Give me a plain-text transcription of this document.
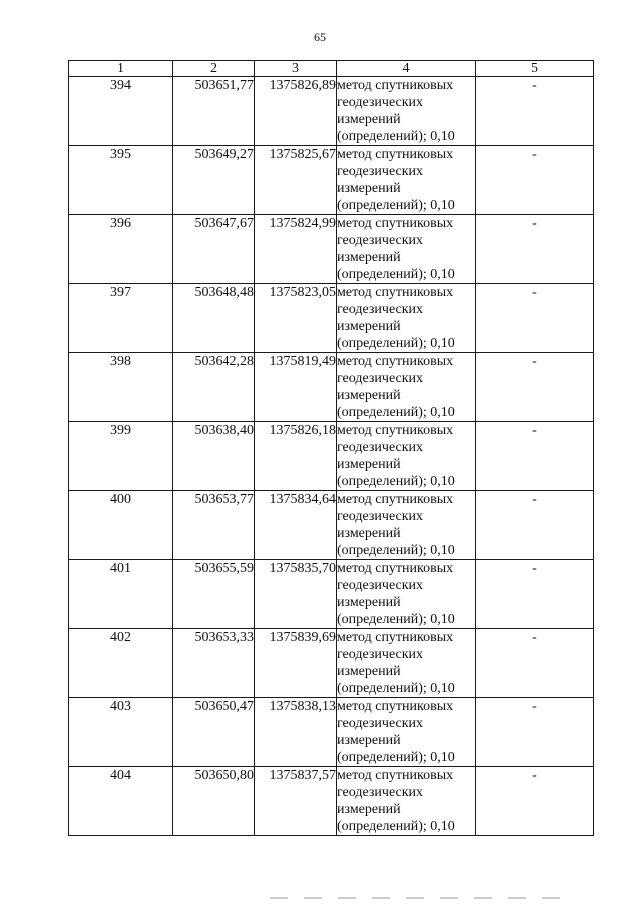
65
1	2	3	4	5
394	503651,77	1375826,89	метод спутниковых
геодезических
измерений
(определений); 0,10	-
395	503649,27	1375825,67	метод спутниковых
геодезических
измерений
(определений); 0,10	-
396	503647,67	1375824,99	метод спутниковых
геодезических
измерений
(определений); 0,10	-
397	503648,48	1375823,05	метод спутниковых
геодезических
измерений
(определений); 0,10	-
398	503642,28	1375819,49	метод спутниковых
геодезических
измерений
(определений); 0,10	-
399	503638,40	1375826,18	метод спутниковых
геодезических
измерений
(определений); 0,10	-
400	503653,77	1375834,64	метод спутниковых
геодезических
измерений
(определений); 0,10	-
401	503655,59	1375835,70	метод спутниковых
геодезических
измерений
(определений); 0,10	-
402	503653,33	1375839,69	метод спутниковых
геодезических
измерений
(определений); 0,10	-
403	503650,47	1375838,13	метод спутниковых
геодезических
измерений
(определений); 0,10	-
404	503650,80	1375837,57	метод спутниковых
геодезических
измерений
(определений); 0,10	-
